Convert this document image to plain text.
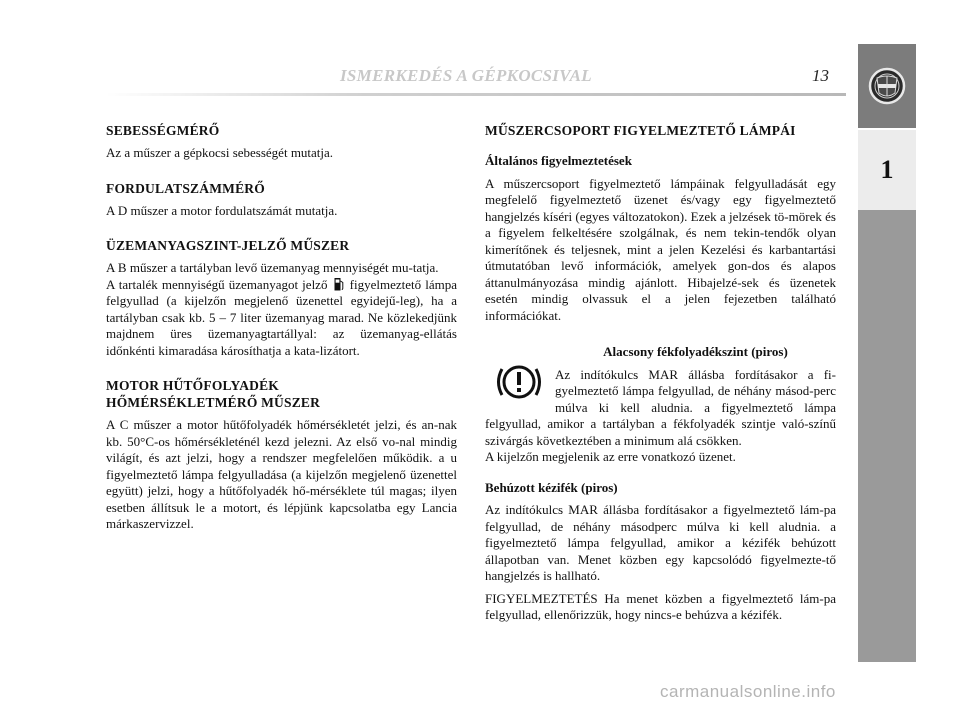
ISMERKEDÉS A GÉPKOCSIVAL	13
1
SEBESSÉGMÉRŐ

Az a műszer a gépkocsi sebességét mutatja.

FORDULATSZÁMMÉRŐ

A D műszer a motor fordulatszámát mutatja.

ÜZEMANYAGSZINT-JELZŐ MŰSZER

A B műszer a tartályban levő üzemanyag mennyiségét mu-tatja.

A tartalék mennyiségű üzemanyagot jelző figyelmeztető lámpa felgyullad (a kijelzőn megjelenő üzenettel egyidejű-leg), ha a tartályban csak kb. 5 – 7 liter üzemanyag marad. Ne közlekedjünk majdnem üres üzemanyagtartállyal: az üzemanyag-ellátás időnkénti kimaradása károsíthatja a kata-lizátort.

MOTOR HŰTŐFOLYADÉK
HŐMÉRSÉKLETMÉRŐ MŰSZER

A C műszer a motor hűtőfolyadék hőmérsékletét jelzi, és an-nak kb. 50°C-os hőmérsékleténél kezd jelezni. Az első vo-nal mindig világít, és azt jelzi, hogy a rendszer megfelelően működik. a u figyelmeztető lámpa felgyulladása (a kijelzőn megjelenő üzenettel együtt) jelzi, hogy a hűtőfolyadék hő-mérséklete túl magas; ilyen esetben állítsuk le a motort, és lépjünk kapcsolatba egy Lancia márkaszervizzel.

MŰSZERCSOPORT FIGYELMEZTETŐ LÁMPÁI
Általános figyelmeztetések

A műszercsoport figyelmeztető lámpáinak felgyulladását egy megfelelő figyelmeztető üzenet és/vagy egy figyelmeztető hangjelzés kíséri (egyes változatokon). Ezek a jelzések tö-mörek és a figyelem felkeltésére szolgálnak, és nem tekin-tendők olyan kimerítőnek és teljesnek, mint a jelen Kezelési és karbantartási útmutatóban levő információk, amelyek gon-dos és alapos áttanulmányozása mindig ajánlott. Hibajelzé-sek és üzenetek esetén mindig olvassuk el a jelen fejezetben található információkat.

Alacsony fékfolyadékszint (piros)

Az indítókulcs MAR állásba fordításakor a fi-gyelmeztető lámpa felgyullad, de néhány másod-perc múlva ki kell aludnia. a figyelmeztető lámpa felgyullad, amikor a tartályban a fékfolyadék szintje való-színű szivárgás következtében a minimum alá csökken.

A kijelzőn megjelenik az erre vonatkozó üzenet.

Behúzott kézifék (piros)

Az indítókulcs MAR állásba fordításakor a figyelmeztető lám-pa felgyullad, de néhány másodperc múlva ki kell aludnia. a figyelmeztető lámpa felgyullad, amikor a kézifék behúzott állapotban van. Menet közben egy kapcsolódó figyelmezte-tő hangjelzés is hallható.

FIGYELMEZTETÉS Ha menet közben a figyelmeztető lám-pa felgyullad, ellenőrizzük, hogy nincs-e behúzva a kézifék.

carmanualsonline.info
